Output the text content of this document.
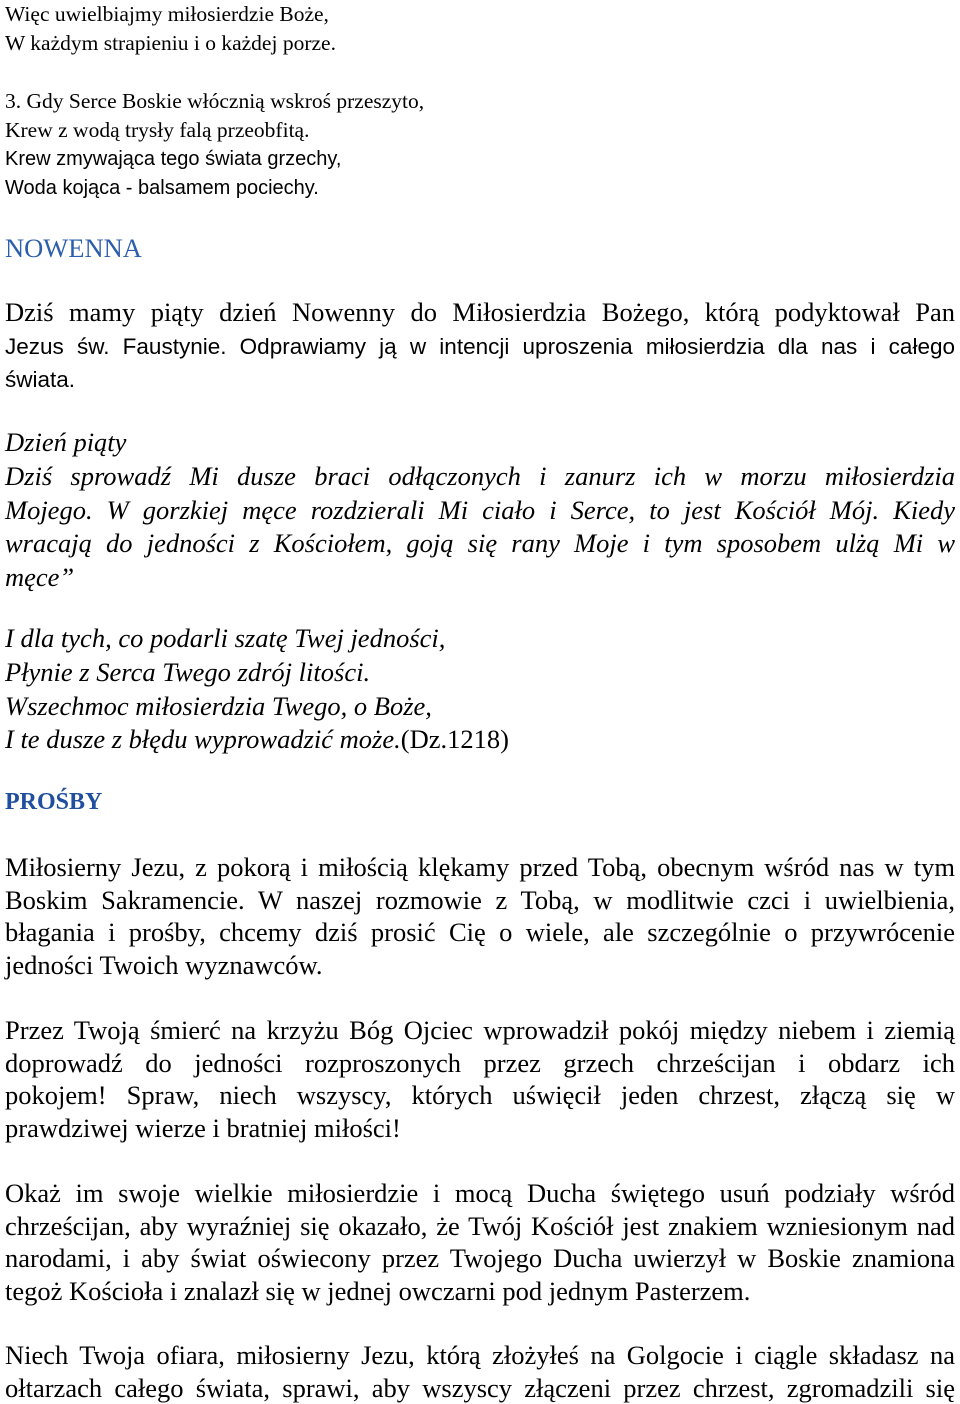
Więc uwielbiajmy miłosierdzie Boże,
W każdym strapieniu i o każdej porze.
3. Gdy Serce Boskie włócznią wskroś przeszyto,
Krew z wodą trysły falą przeobfitą.
Krew zmywająca tego świata grzechy,
Woda kojąca - balsamem pociechy.
NOWENNA
Dziś mamy piąty dzień Nowenny do Miłosierdzia Bożego, którą podyktował Pan
Jezus św. Faustynie. Odprawiamy ją w intencji uproszenia miłosierdzia dla nas i całego
świata.
Dzień piąty
Dziś sprowadź Mi dusze braci odłączonych i zanurz ich w morzu miłosierdzia
Mojego. W gorzkiej męce rozdzierali Mi ciało i Serce, to jest Kościół Mój. Kiedy
wracają do jedności z Kościołem, goją się rany Moje i tym sposobem ulżą Mi w
męce”
I dla tych, co podarli szatę Twej jedności,
Płynie z Serca Twego zdrój litości.
Wszechmoc miłosierdzia Twego, o Boże,
I te dusze z błędu wyprowadzić może.(Dz.1218)
PROŚBY
Miłosierny Jezu, z pokorą i miłością klękamy przed Tobą, obecnym wśród nas w tym
Boskim Sakramencie. W naszej rozmowie z Tobą, w modlitwie czci i uwielbienia,
błagania i prośby, chcemy dziś prosić Cię o wiele, ale szczególnie o przywrócenie
jedności Twoich wyznawców.
Przez Twoją śmierć na krzyżu Bóg Ojciec wprowadził pokój między niebem i ziemią
doprowadź do jedności rozproszonych przez grzech chrześcijan i obdarz ich
pokojem! Spraw, niech wszyscy, których uświęcił jeden chrzest, złączą się w
prawdziwej wierze i bratniej miłości!
Okaż im swoje wielkie miłosierdzie i mocą Ducha świętego usuń podziały wśród
chrześcijan, aby wyraźniej się okazało, że Twój Kościół jest znakiem wzniesionym nad
narodami, i aby świat oświecony przez Twojego Ducha uwierzył w Boskie znamiona
tegoż Kościoła i znalazł się w jednej owczarni pod jednym Pasterzem.
Niech Twoja ofiara, miłosierny Jezu, którą złożyłeś na Golgocie i ciągle składasz na
ołtarzach całego świata, sprawi, aby wszyscy złączeni przez chrzest, zgromadzili się
